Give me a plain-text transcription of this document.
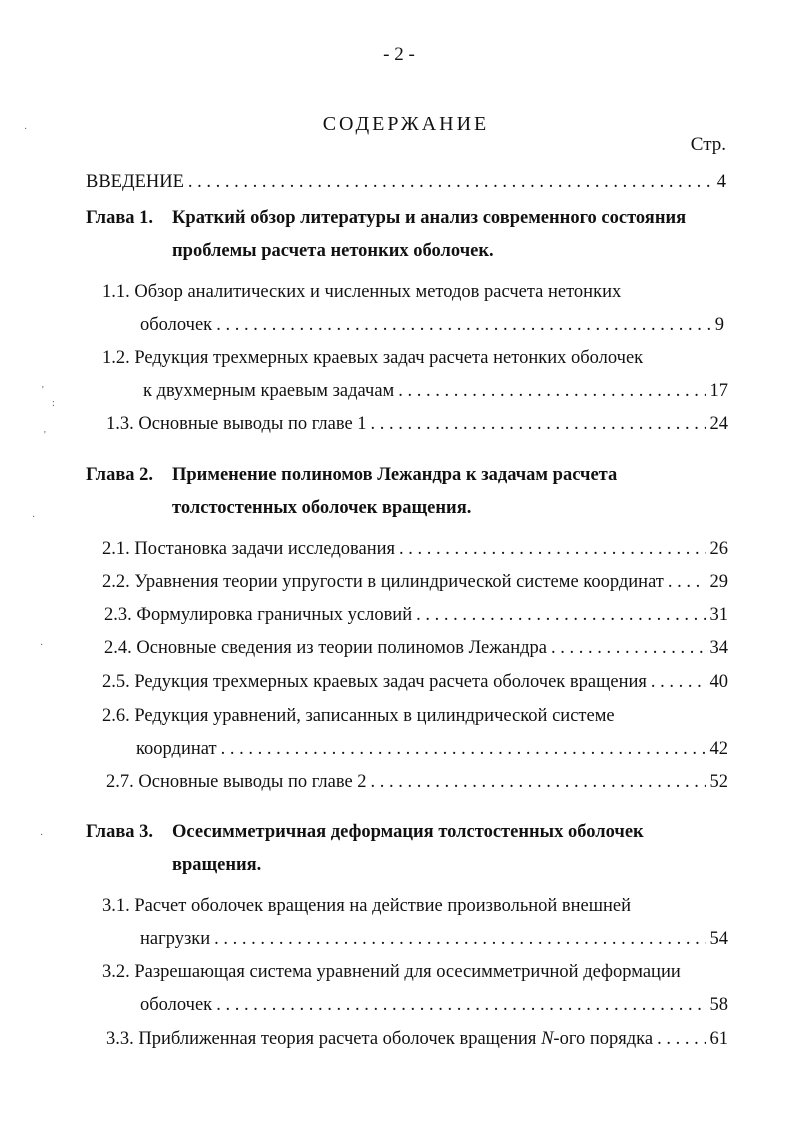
- 2 -
СОДЕРЖАНИЕ
Стр.
ВВЕДЕНИЕ . . .	4
Глава 1. Краткий обзор литературы и анализ современного состояния
проблемы расчета нетонких оболочек.
1.1. Обзор аналитических и численных методов расчета нетонких
оболочек . . .	9
1.2. Редукция трехмерных краевых задач расчета нетонких оболочек
к двухмерным краевым задачам . . .	17
1.3. Основные выводы по главе 1 . . .	24
Глава 2. Применение полиномов Лежандра к задачам расчета
толстостенных оболочек вращения.
2.1. Постановка задачи исследования . . .	26
2.2. Уравнения теории упругости в цилиндрической системе координат . . . 29
2.3. Формулировка граничных условий . . .	31
2.4. Основные сведения из теории полиномов Лежандра . . .	34
2.5. Редукция трехмерных краевых задач расчета оболочек вращения . . .	40
2.6. Редукция уравнений, записанных в цилиндрической системе
координат . . .	42
2.7. Основные выводы по главе 2 . . .	52
Глава 3. Осесимметричная деформация толстостенных оболочек
вращения.
3.1. Расчет оболочек вращения на действие произвольной внешней
нагрузки . . .	54
3.2. Разрешающая система уравнений для осесимметричной деформации
оболочек . . .	58
3.3. Приближенная теория расчета оболочек вращения N-ого порядка . . .	61
·
'
:
'
·
·
·
